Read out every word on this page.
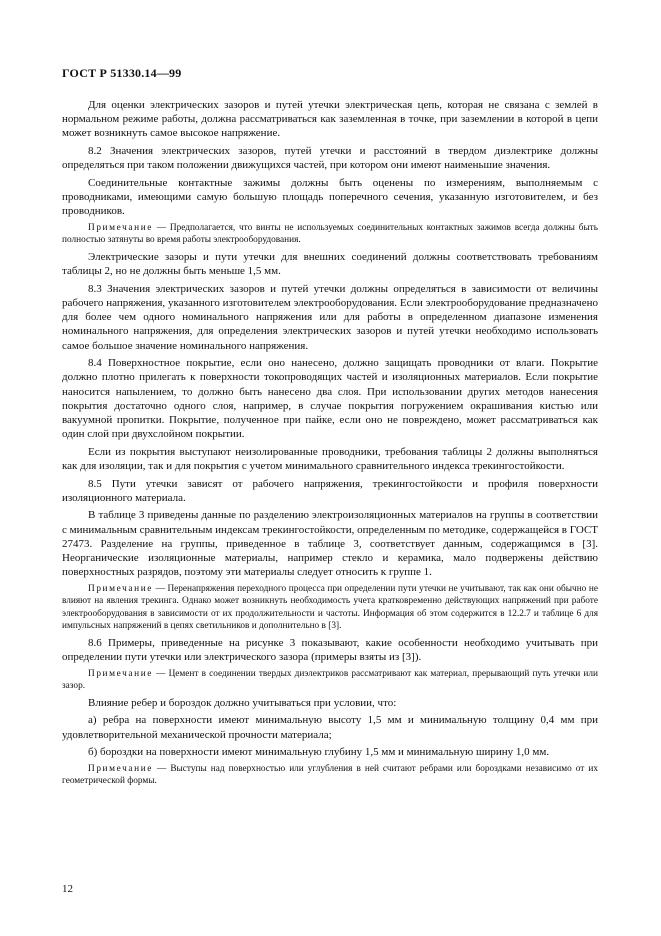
ГОСТ Р 51330.14—99

Для оценки электрических зазоров и путей утечки электрическая цепь, которая не связана с землей в нормальном режиме работы, должна рассматриваться как заземленная в точке, при заземлении в которой в цепи может возникнуть самое высокое напряжение.

8.2 Значения электрических зазоров, путей утечки и расстояний в твердом диэлектрике должны определяться при таком положении движущихся частей, при котором они имеют наименьшие значения.

Соединительные контактные зажимы должны быть оценены по измерениям, выполняемым с проводниками, имеющими самую большую площадь поперечного сечения, указанную изготовителем, и без проводников.

Примечание — Предполагается, что винты не используемых соединительных контактных зажимов всегда должны быть полностью затянуты во время работы электрооборудования.

Электрические зазоры и пути утечки для внешних соединений должны соответствовать требованиям таблицы 2, но не должны быть меньше 1,5 мм.

8.3 Значения электрических зазоров и путей утечки должны определяться в зависимости от величины рабочего напряжения, указанного изготовителем электрооборудования. Если электрооборудование предназначено для более чем одного номинального напряжения или для работы в определенном диапазоне изменения номинального напряжения, для определения электрических зазоров и путей утечки необходимо использовать самое большое значение номинального напряжения.

8.4 Поверхностное покрытие, если оно нанесено, должно защищать проводники от влаги. Покрытие должно плотно прилегать к поверхности токопроводящих частей и изоляционных материалов. Если покрытие наносится напылением, то должно быть нанесено два слоя. При использовании других методов нанесения покрытия достаточно одного слоя, например, в случае покрытия погружением окрашивания кистью или вакуумной пропитки. Покрытие, полученное при пайке, если оно не повреждено, может рассматриваться как один слой при двухслойном покрытии.

Если из покрытия выступают неизолированные проводники, требования таблицы 2 должны выполняться как для изоляции, так и для покрытия с учетом минимального сравнительного индекса трекингостойкости.

8.5 Пути утечки зависят от рабочего напряжения, трекингостойкости и профиля поверхности изоляционного материала.

В таблице 3 приведены данные по разделению электроизоляционных материалов на группы в соответствии с минимальным сравнительным индексам трекингостойкости, определенным по методике, содержащейся в ГОСТ 27473. Разделение на группы, приведенное в таблице 3, соответствует данным, содержащимся в [3]. Неорганические изоляционные материалы, например стекло и керамика, мало подвержены действию поверхностных разрядов, поэтому эти материалы следует относить к группе 1.

Примечание — Перенапряжения переходного процесса при определении пути утечки не учитывают, так как они обычно не влияют на явления трекинга. Однако может возникнуть необходимость учета кратковременно действующих напряжений при работе электрооборудования в зависимости от их продолжительности и частоты. Информация об этом содержится в 12.2.7 и таблице 6 для импульсных напряжений в цепях светильников и дополнительно в [3].

8.6 Примеры, приведенные на рисунке 3 показывают, какие особенности необходимо учитывать при определении пути утечки или электрического зазора (примеры взяты из [3]).

Примечание — Цемент в соединении твердых диэлектриков рассматривают как материал, прерывающий путь утечки или зазор.

Влияние ребер и бороздок должно учитываться при условии, что:

а) ребра на поверхности имеют минимальную высоту 1,5 мм и минимальную толщину 0,4 мм при удовлетворительной механической прочности материала;

б) бороздки на поверхности имеют минимальную глубину 1,5 мм и минимальную ширину 1,0 мм.

Примечание — Выступы над поверхностью или углубления в ней считают ребрами или бороздками независимо от их геометрической формы.

12
